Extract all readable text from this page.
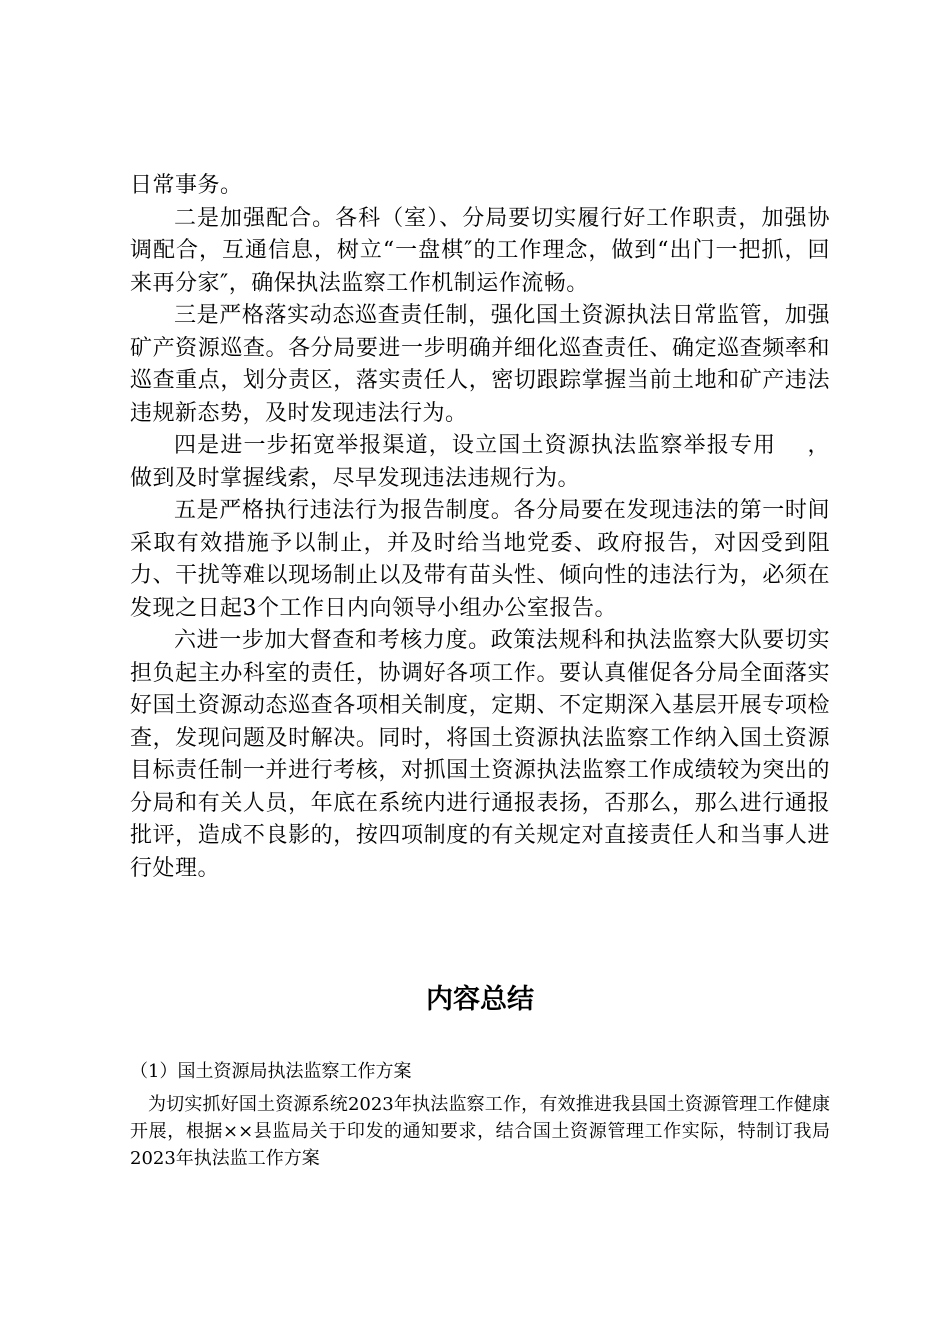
日常事务。

二是加强配合。各科（室）、分局要切实履行好工作职责，加强协调配合，互通信息，树立“一盘棋″的工作理念，做到“出门一把抓，回来再分家″，确保执法监察工作机制运作流畅。

三是严格落实动态巡查责任制，强化国土资源执法日常监管，加强矿产资源巡查。各分局要进一步明确并细化巡查责任、确定巡查频率和巡查重点，划分责区，落实责任人，密切跟踪掌握当前土地和矿产违法违规新态势，及时发现违法行为。

四是进一步拓宽举报渠道，设立国土资源执法监察举报专用　 ，做到及时掌握线索，尽早发现违法违规行为。

五是严格执行违法行为报告制度。各分局要在发现违法的第一时间采取有效措施予以制止，并及时给当地党委、政府报告，对因受到阻力、干扰等难以现场制止以及带有苗头性、倾向性的违法行为，必须在发现之日起3个工作日内向领导小组办公室报告。

六进一步加大督查和考核力度。政策法规科和执法监察大队要切实担负起主办科室的责任，协调好各项工作。要认真催促各分局全面落实好国土资源动态巡查各项相关制度，定期、不定期深入基层开展专项检查，发现问题及时解决。同时，将国土资源执法监察工作纳入国土资源目标责任制一并进行考核，对抓国土资源执法监察工作成绩较为突出的分局和有关人员，年底在系统内进行通报表扬，否那么，那么进行通报批评，造成不良影的，按四项制度的有关规定对直接责任人和当事人进行处理。

内容总结

（1）国土资源局执法监察工作方案

为切实抓好国土资源系统2023年执法监察工作，有效推进我县国土资源管理工作健康开展，根据××县监局关于印发的通知要求，结合国土资源管理工作实际，特制订我局2023年执法监工作方案
